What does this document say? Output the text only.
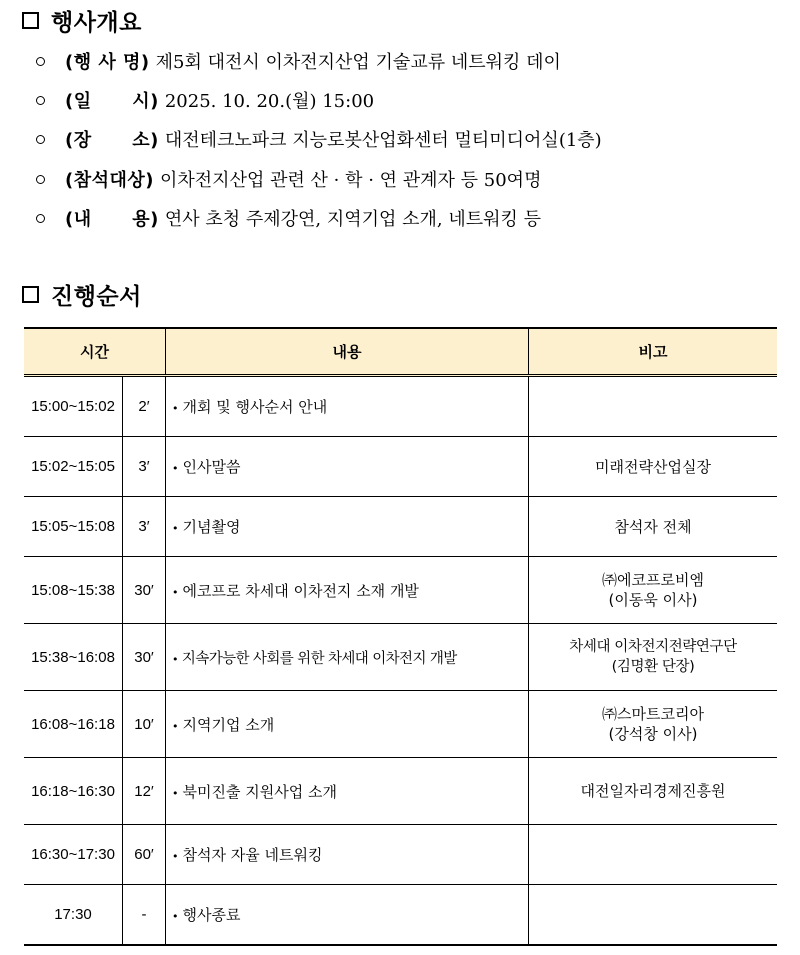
행사개요
(행 사 명) 제5회 대전시 이차전지산업 기술교류 네트워킹 데이
(일      시) 2025. 10. 20.(월) 15:00
(장      소) 대전테크노파크 지능로봇산업화센터 멀티미디어실(1층)
(참석대상) 이차전지산업 관련 산 · 학 · 연 관계자 등 50여명
(내      용) 연사 초청 주제강연, 지역기업 소개, 네트워킹 등
진행순서
시간		내용	비고
15:00~15:02	2′	• 개회 및 행사순서 안내	

15:02~15:05	3′	• 인사말씀	미래전략산업실장

15:05~15:08	3′	• 기념촬영	참석자 전체

15:08~15:38	30′	• 에코프로 차세대 이차전지 소재 개발	㈜에코프로비엠
(이동욱 이사)

15:38~16:08	30′	• 지속가능한 사회를 위한 차세대 이차전지 개발	차세대 이차전지전략연구단
(김명환 단장)

16:08~16:18	10′	• 지역기업 소개	㈜스마트코리아
(강석창 이사)

16:18~16:30	12′	• 북미진출 지원사업 소개	대전일자리경제진흥원

16:30~17:30	60′	• 참석자 자율 네트워킹	

17:30	-	• 행사종료	
